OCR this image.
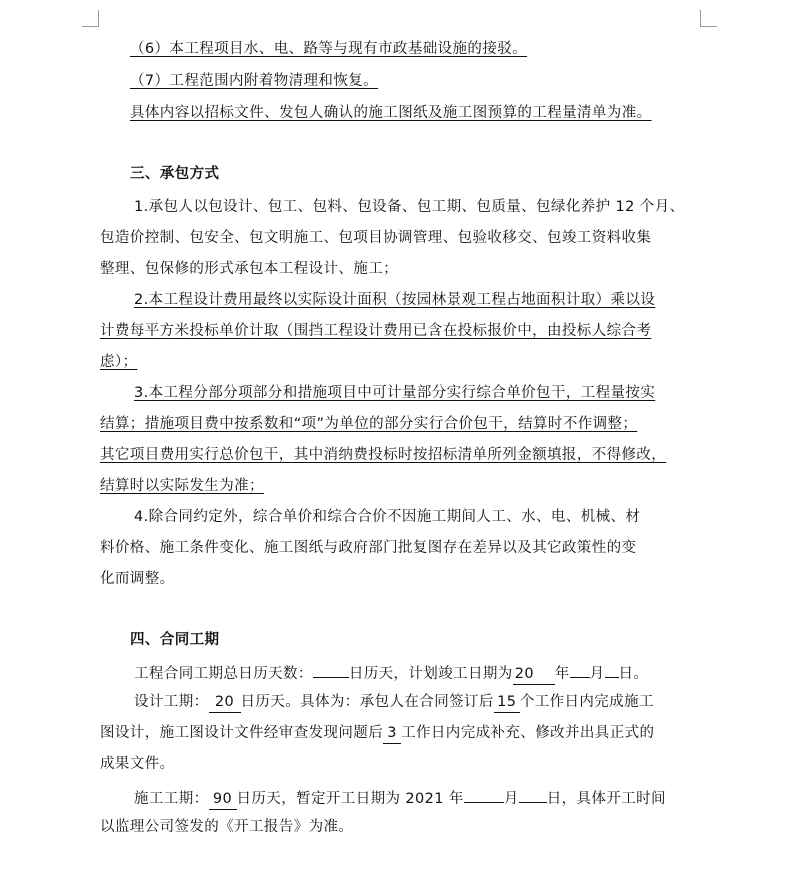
（6）本工程项目水、电、路等与现有市政基础设施的接驳。
（7）工程范围内附着物清理和恢复。
具体内容以招标文件、发包人确认的施工图纸及施工图预算的工程量清单为准。
三、承包方式
1.承包人以包设计、包工、包料、包设备、包工期、包质量、包绿化养护 12 个月、
包造价控制、包安全、包文明施工、包项目协调管理、包验收移交、包竣工资料收集
整理、包保修的形式承包本工程设计、施工；
2.本工程设计费用最终以实际设计面积（按园林景观工程占地面积计取）乘以设
计费每平方米投标单价计取（围挡工程设计费用已含在投标报价中，由投标人综合考
虑）；
3.本工程分部分项部分和措施项目中可计量部分实行综合单价包干，工程量按实
结算；措施项目费中按系数和“项”为单位的部分实行合价包干，结算时不作调整；
其它项目费用实行总价包干，其中消纳费投标时按招标清单所列金额填报，不得修改，
结算时以实际发生为准；
4.除合同约定外，综合单价和综合合价不因施工期间人工、水、电、机械、材
料价格、施工条件变化、施工图纸与政府部门批复图存在差异以及其它政策性的变
化而调整。
四、合同工期
工程合同工期总日历天数： 日历天，计划竣工日期为 20 年 月 日。
设计工期： 20 日历天。具体为：承包人在合同签订后 15 个工作日内完成施工
图设计，施工图设计文件经审查发现问题后 3 工作日内完成补充、修改并出具正式的
成果文件。
施工工期： 90 日历天，暂定开工日期为 2021 年	月 日，具体开工时间
以监理公司签发的《开工报告》为准。
